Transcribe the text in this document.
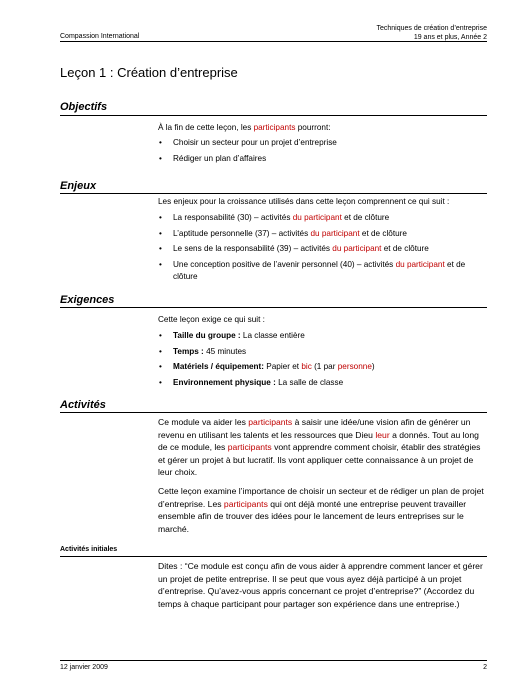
Compassion International
Techniques de création d’entreprise
19 ans et plus, Année 2
Leçon 1 : Création d’entreprise
Objectifs

À la fin de cette leçon, les participants pourront:

• Choisir un secteur pour un projet d’entreprise
• Rédiger un plan d’affaires
Enjeux

Les enjeux pour la croissance utilisés dans cette leçon comprennent ce qui suit :

• La responsabilité (30) – activités du participant et de clôture
• L’aptitude personnelle (37) – activités du participant et de clôture
• Le sens de la responsabilité (39) – activités du participant et de clôture
• Une conception positive de l’avenir personnel (40) – activités du participant et de clôture
Exigences

Cette leçon exige ce qui suit :

• Taille du groupe : La classe entière
• Temps : 45 minutes
• Matériels / équipement: Papier et bic (1 par personne)
• Environnement physique : La salle de classe
Activités

Ce module va aider les participants à saisir une idée/une vision afin de générer un revenu en utilisant les talents et les ressources que Dieu leur a donnés. Tout au long de ce module, les participants vont apprendre comment choisir, établir des stratégies et gérer un projet à but lucratif. Ils vont appliquer cette connaissance à un projet de leur choix.

Cette leçon examine l’importance de choisir un secteur et de rédiger un plan de projet d’entreprise. Les participants qui ont déjà monté une entreprise peuvent travailler ensemble afin de trouver des idées pour le lancement de leurs entreprises sur le marché.

Activités initiales

Dites : “Ce module est conçu afin de vous aider à apprendre comment lancer et gérer un projet de petite entreprise. Il se peut que vous ayez déjà participé à un projet d’entreprise. Qu’avez-vous appris concernant ce projet d’entreprise?” (Accordez du temps à chaque participant pour partager son expérience dans une entreprise.)

12 janvier 2009	2
